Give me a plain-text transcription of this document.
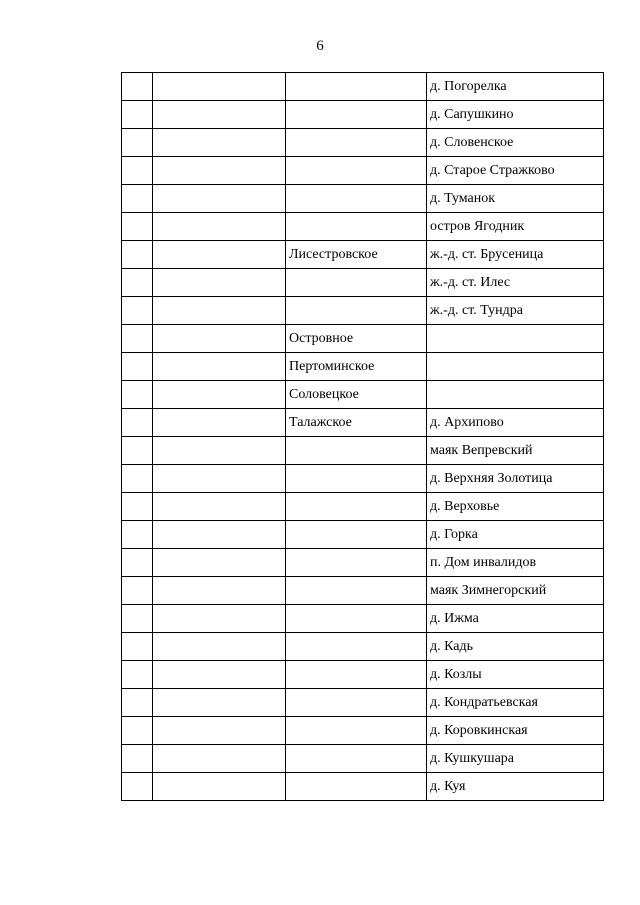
6
			д. Погорелка
			д. Сапушкино
			д. Словенское
			д. Старое Стражково
			д. Туманок
			остров Ягодник
		Лисестровское	ж.-д. ст. Брусеница
			ж.-д. ст. Илес
			ж.-д. ст. Тундра
		Островное	
		Пертоминское	
		Соловецкое	
		Талажское	д. Архипово
			маяк Вепревский
			д. Верхняя Золотица
			д. Верховье
			д. Горка
			п. Дом инвалидов
			маяк Зимнегорский
			д. Ижма
			д. Кадь
			д. Козлы
			д. Кондратьевская
			д. Коровкинская
			д. Кушкушара
			д. Куя
